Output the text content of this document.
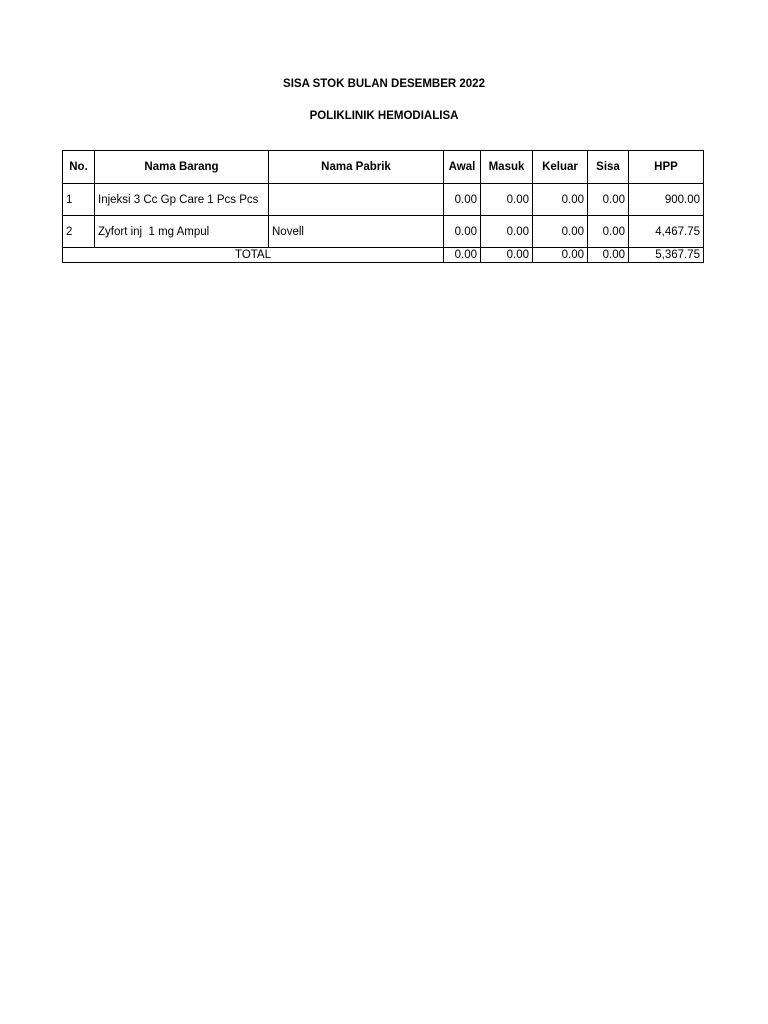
SISA STOK BULAN DESEMBER 2022
POLIKLINIK HEMODIALISA
No.	Nama Barang	Nama Pabrik	Awal	Masuk	Keluar	Sisa	HPP
1	Injeksi 3 Cc Gp Care 1 Pcs Pcs		0.00	0.00	0.00	0.00	900.00
2	Zyfort inj  1 mg Ampul	Novell	0.00	0.00	0.00	0.00	4,467.75
TOTAL			0.00	0.00	0.00	0.00	5,367.75
